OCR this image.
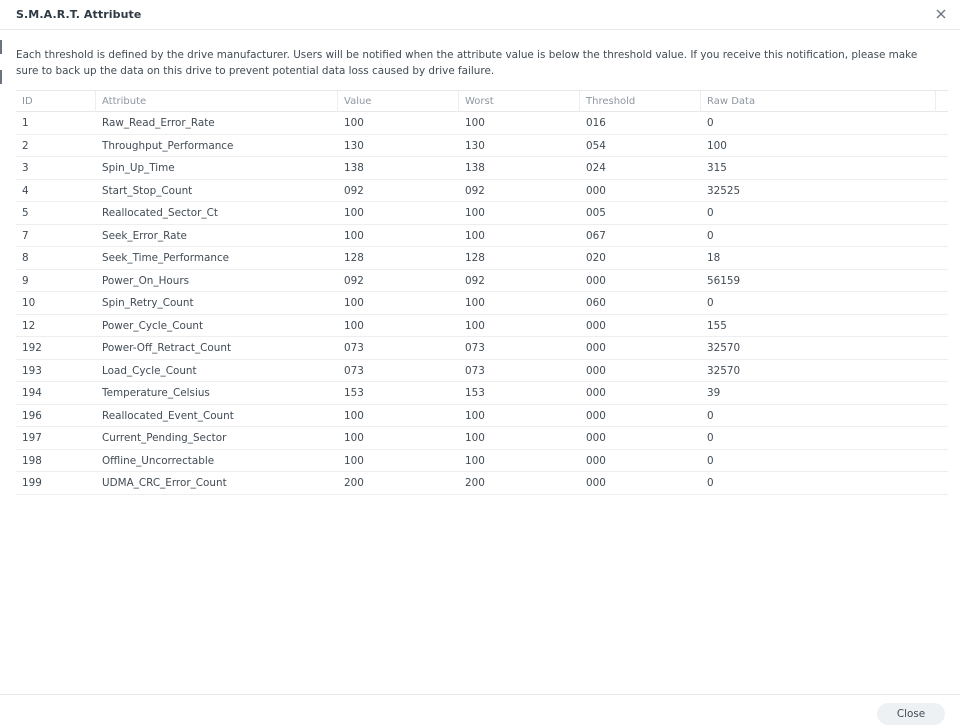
S.M.A.R.T. Attribute
Each threshold is defined by the drive manufacturer. Users will be notified when the attribute value is below the threshold value. If you receive this notification, please make sure to back up the data on this drive to prevent potential data loss caused by drive failure.
ID	Attribute	Value	Worst	Threshold	Raw Data
1	Raw_Read_Error_Rate	100	100	016	0
2	Throughput_Performance	130	130	054	100
3	Spin_Up_Time	138	138	024	315
4	Start_Stop_Count	092	092	000	32525
5	Reallocated_Sector_Ct	100	100	005	0
7	Seek_Error_Rate	100	100	067	0
8	Seek_Time_Performance	128	128	020	18
9	Power_On_Hours	092	092	000	56159
10	Spin_Retry_Count	100	100	060	0
12	Power_Cycle_Count	100	100	000	155
192	Power-Off_Retract_Count	073	073	000	32570
193	Load_Cycle_Count	073	073	000	32570
194	Temperature_Celsius	153	153	000	39
196	Reallocated_Event_Count	100	100	000	0
197	Current_Pending_Sector	100	100	000	0
198	Offline_Uncorrectable	100	100	000	0
199	UDMA_CRC_Error_Count	200	200	000	0
Close
